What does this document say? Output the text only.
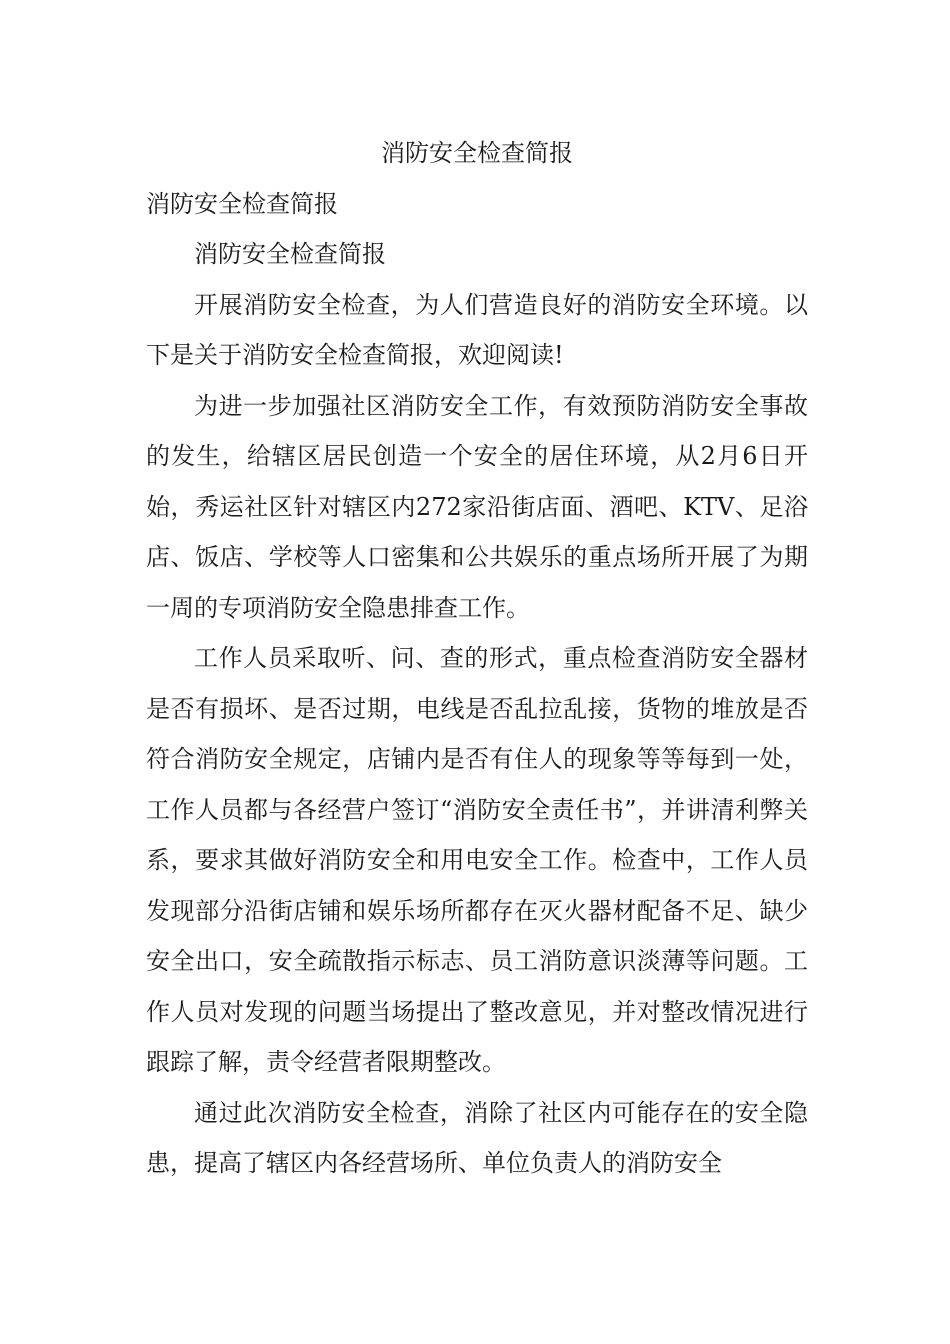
消防安全检查简报

消防安全检查简报

消防安全检查简报

开展消防安全检查，为人们营造良好的消防安全环境。以下是关于消防安全检查简报，欢迎阅读!

为进一步加强社区消防安全工作，有效预防消防安全事故的发生，给辖区居民创造一个安全的居住环境，从2月6日开始，秀运社区针对辖区内272家沿街店面、酒吧、KTV、足浴店、饭店、学校等人口密集和公共娱乐的重点场所开展了为期一周的专项消防安全隐患排查工作。

工作人员采取听、问、查的形式，重点检查消防安全器材是否有损坏、是否过期，电线是否乱拉乱接，货物的堆放是否符合消防安全规定，店铺内是否有住人的现象等等每到一处，工作人员都与各经营户签订“消防安全责任书”，并讲清利弊关系，要求其做好消防安全和用电安全工作。检查中，工作人员发现部分沿街店铺和娱乐场所都存在灭火器材配备不足、缺少安全出口，安全疏散指示标志、员工消防意识淡薄等问题。工作人员对发现的问题当场提出了整改意见，并对整改情况进行跟踪了解，责令经营者限期整改。

通过此次消防安全检查，消除了社区内可能存在的安全隐患，提高了辖区内各经营场所、单位负责人的消防安全
